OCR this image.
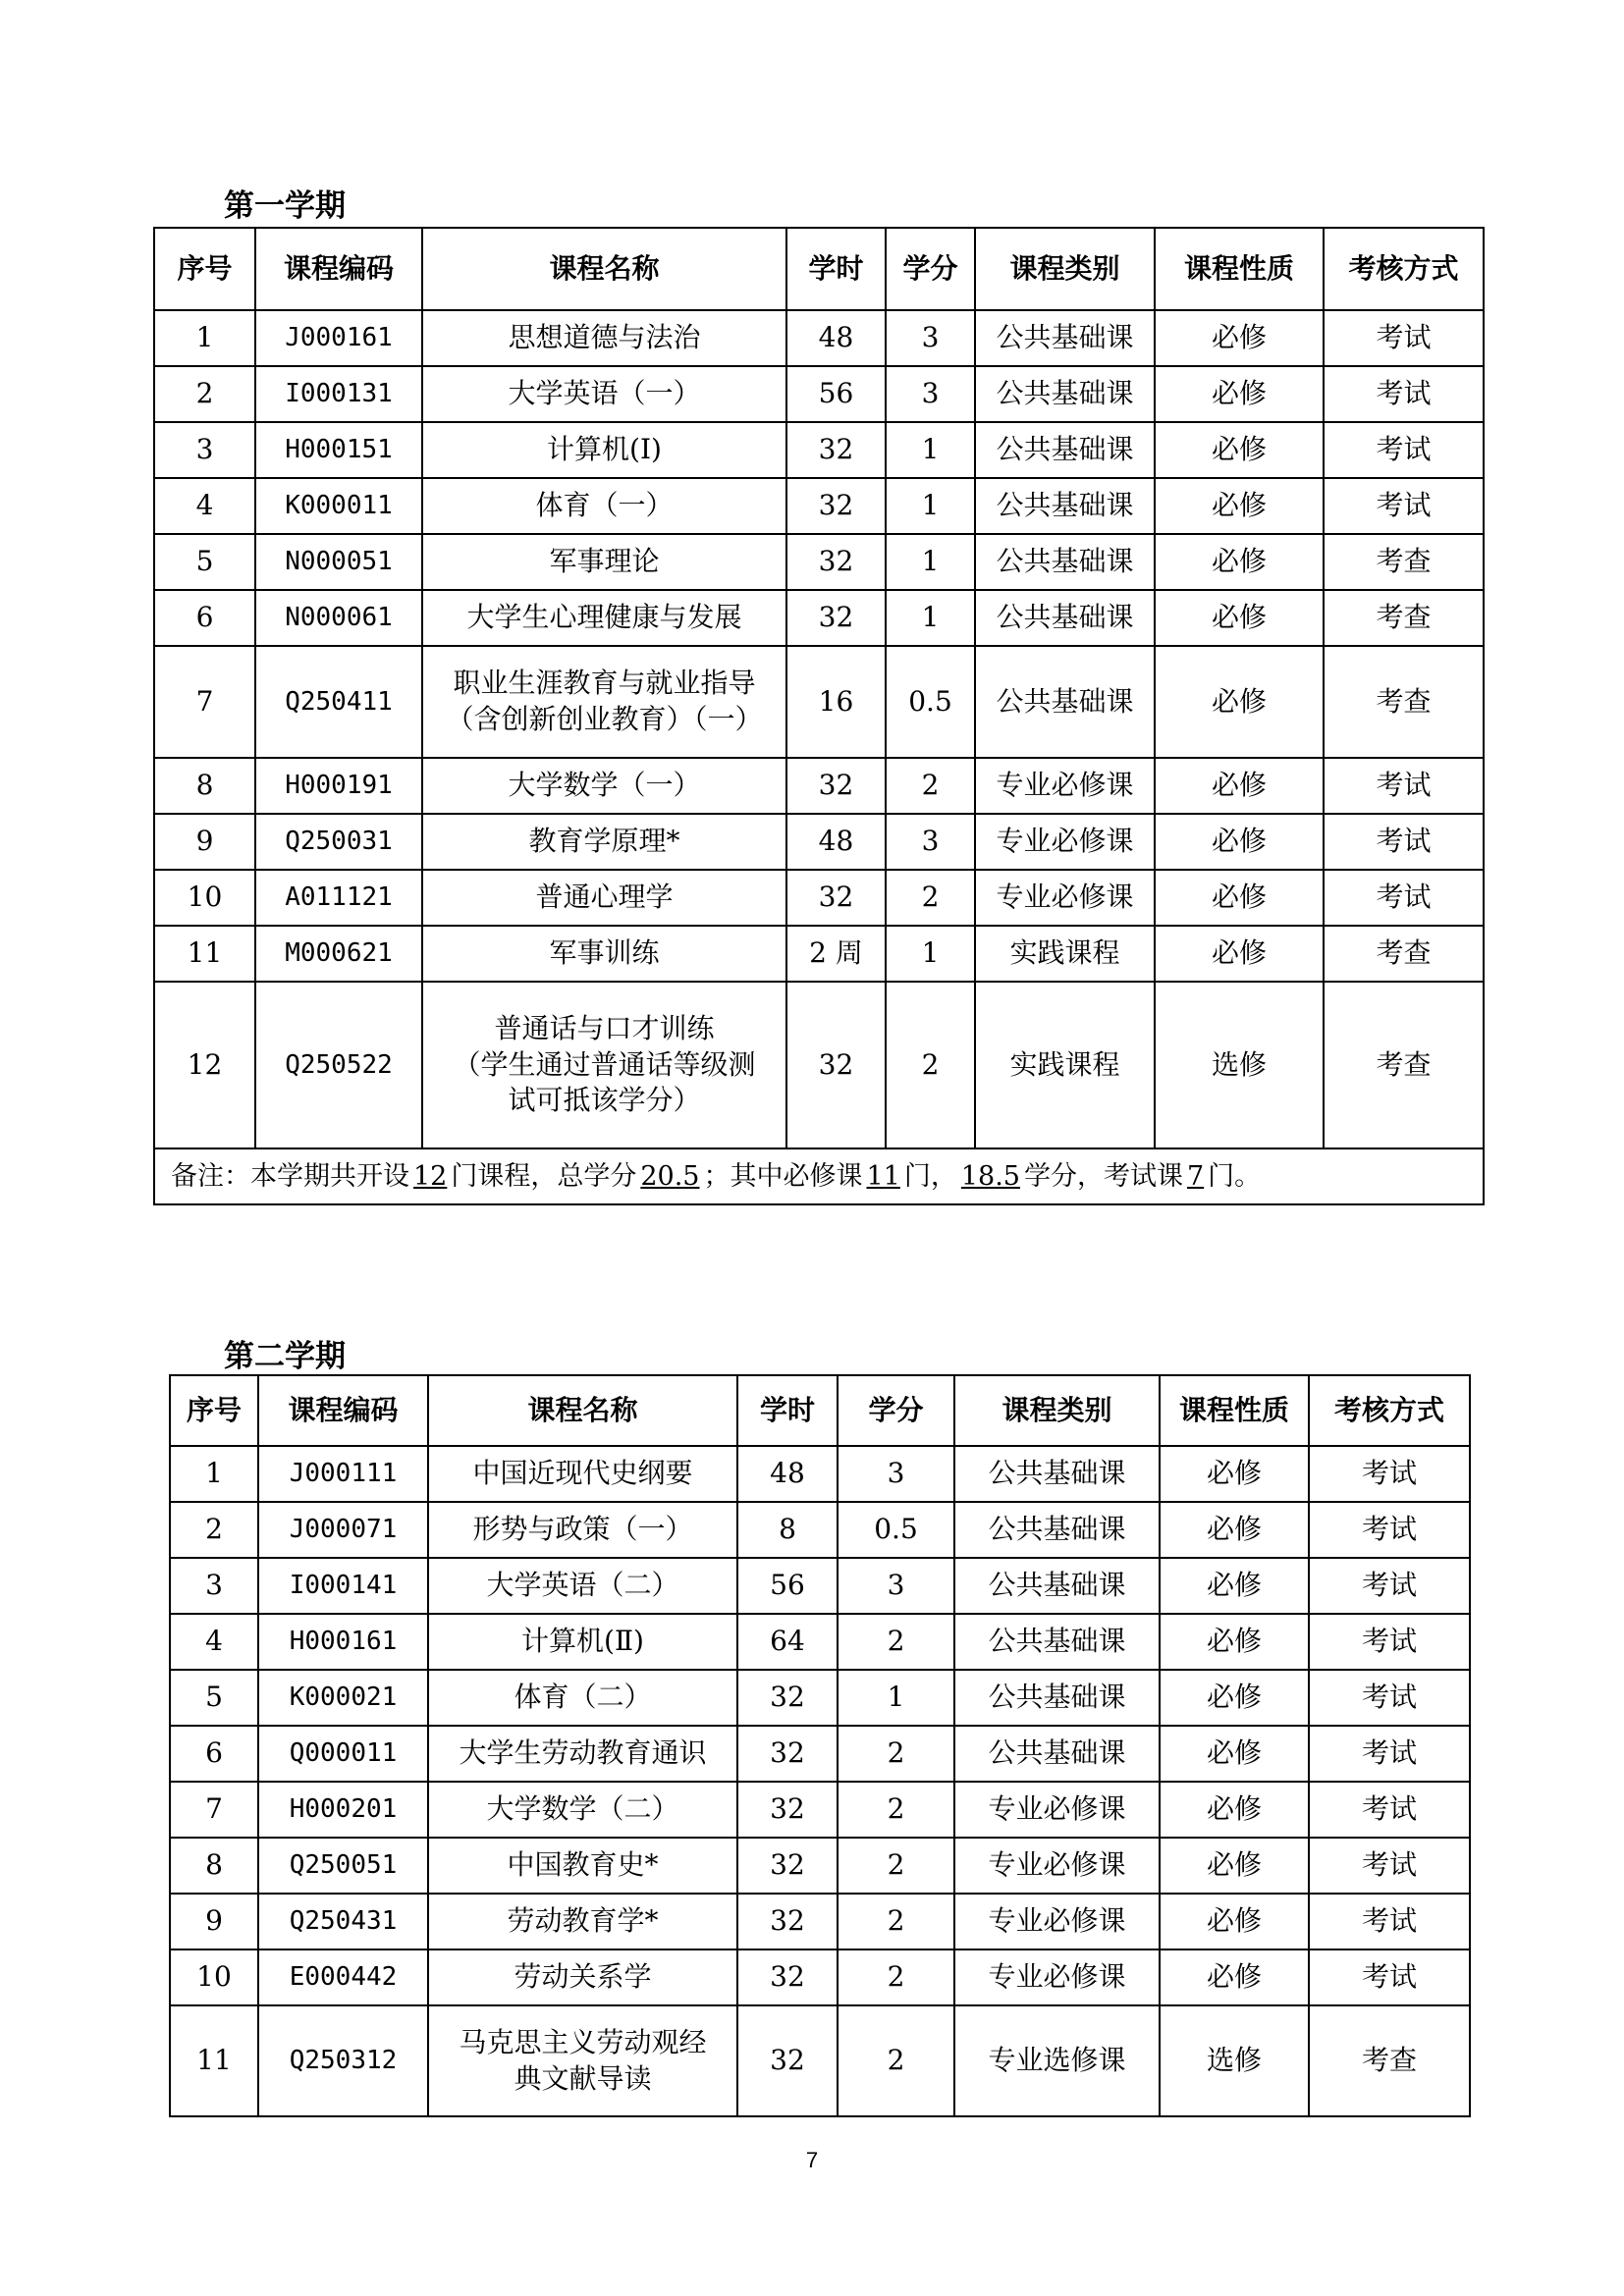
第一学期
序号	课程编码	课程名称	学时	学分	课程类别	课程性质	考核方式
1	J000161	思想道德与法治	48	3	公共基础课	必修	考试
2	I000131	大学英语（一）	56	3	公共基础课	必修	考试
3	H000151	计算机(Ⅰ)	32	1	公共基础课	必修	考试
4	K000011	体育（一）	32	1	公共基础课	必修	考试
5	N000051	军事理论	32	1	公共基础课	必修	考查
6	N000061	大学生心理健康与发展	32	1	公共基础课	必修	考查
7	Q250411	职业生涯教育与就业指导
（含创新创业教育）（一）	16	0.5	公共基础课	必修	考查
8	H000191	大学数学（一）	32	2	专业必修课	必修	考试
9	Q250031	教育学原理*	48	3	专业必修课	必修	考试
10	A011121	普通心理学	32	2	专业必修课	必修	考试
11	M000621	军事训练	2 周	1	实践课程	必修	考查
12	Q250522	普通话与口才训练
（学生通过普通话等级测
试可抵该学分）	32	2	实践课程	选修	考查
备注：本学期共开设 12 门课程，总学分 20.5 ；其中必修课 11 门， 18.5 学分，考试课 7 门。							
第二学期
序号	课程编码	课程名称	学时	学分	课程类别	课程性质	考核方式
1	J000111	中国近现代史纲要	48	3	公共基础课	必修	考试
2	J000071	形势与政策（一）	8	0.5	公共基础课	必修	考试
3	I000141	大学英语（二）	56	3	公共基础课	必修	考试
4	H000161	计算机(Ⅱ)	64	2	公共基础课	必修	考试
5	K000021	体育（二）	32	1	公共基础课	必修	考试
6	Q000011	大学生劳动教育通识	32	2	公共基础课	必修	考试
7	H000201	大学数学（二）	32	2	专业必修课	必修	考试
8	Q250051	中国教育史*	32	2	专业必修课	必修	考试
9	Q250431	劳动教育学*	32	2	专业必修课	必修	考试
10	E000442	劳动关系学	32	2	专业必修课	必修	考试
11	Q250312	马克思主义劳动观经
典文献导读	32	2	专业选修课	选修	考查
7
